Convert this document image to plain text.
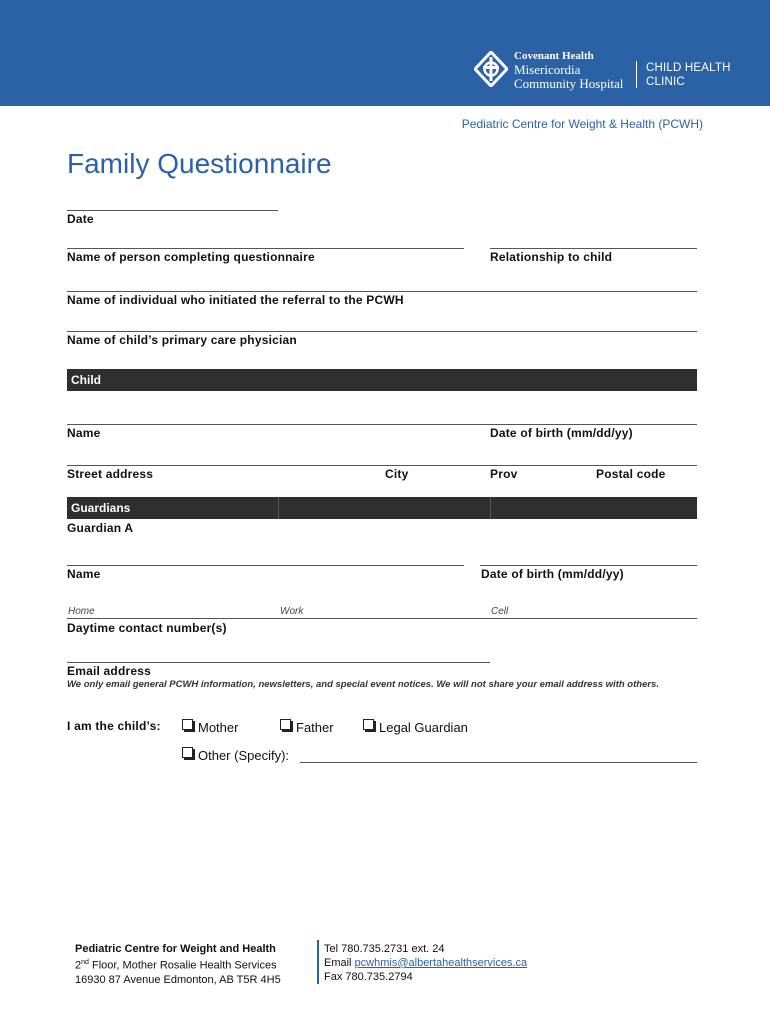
Covenant Health
Misericordia
Community Hospital
CHILD HEALTH
CLINIC
Pediatric Centre for Weight & Health (PCWH)
Family Questionnaire
Date
Name of person completing questionnaire	Relationship to child
Name of individual who initiated the referral to the PCWH
Name of child’s primary care physician
Child
Name	Date of birth (mm/dd/yy)
Street address	City	Prov	Postal code
Guardians
Guardian A
Name	Date of birth (mm/dd/yy)
Home	Work	Cell
Daytime contact number(s)
Email address
We only email general PCWH information, newsletters, and special event notices. We will not share your email address with others.
I am the child’s:	Mother	Father	Legal Guardian
Other (Specify):
Pediatric Centre for Weight and Health
2nd Floor, Mother Rosalie Health Services
16930 87 Avenue Edmonton, AB T5R 4H5
Tel 780.735.2731 ext. 24
Email pcwhmis@albertahealthservices.ca
Fax 780.735.2794
